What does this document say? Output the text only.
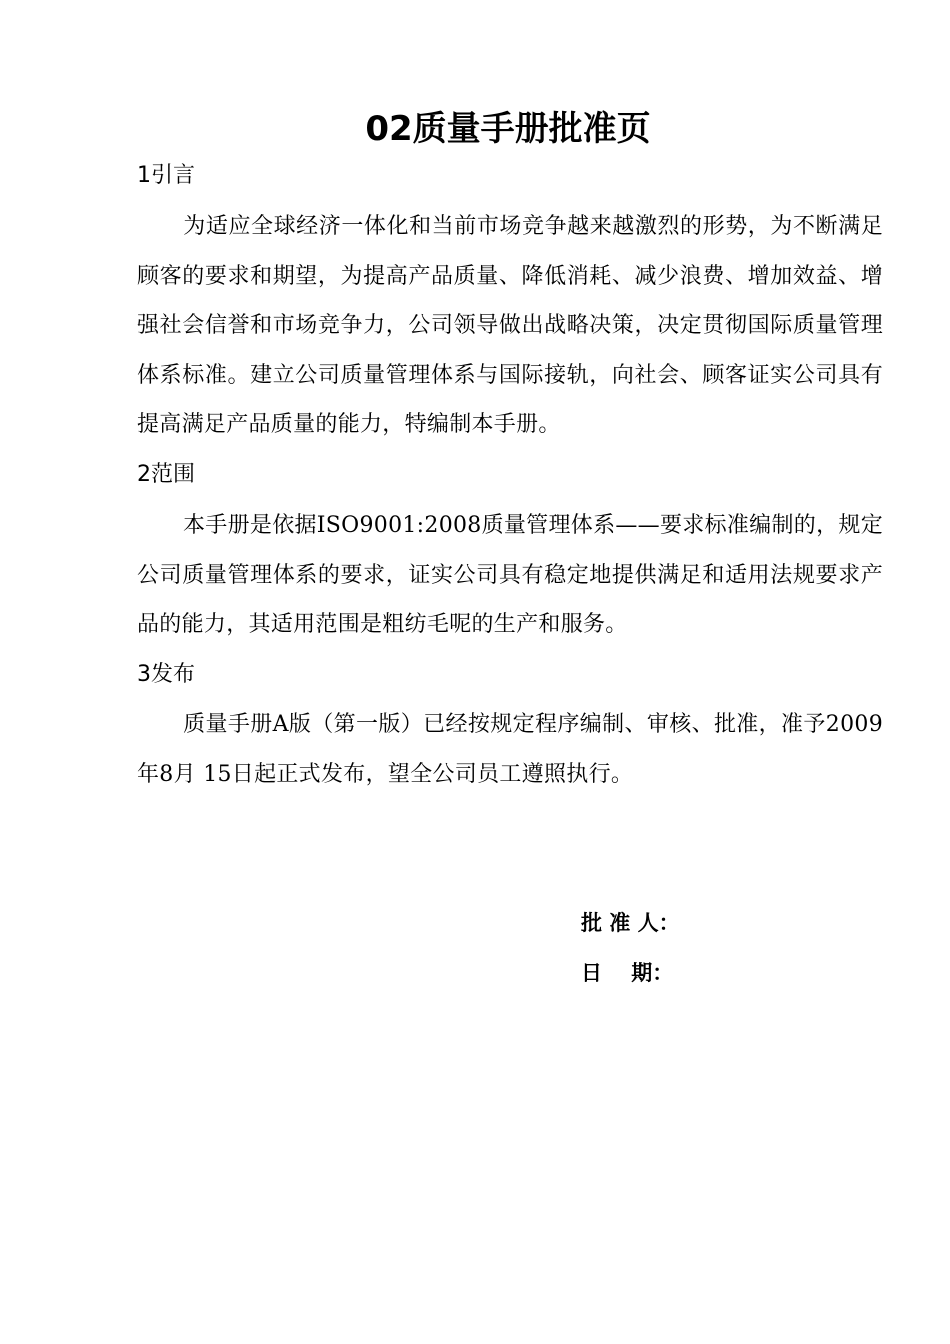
02质量手册批准页
1引言

为适应全球经济一体化和当前市场竞争越来越激烈的形势，为不断满足顾客的要求和期望，为提高产品质量、降低消耗、减少浪费、增加效益、增强社会信誉和市场竞争力，公司领导做出战略决策，决定贯彻国际质量管理体系标准。建立公司质量管理体系与国际接轨，向社会、顾客证实公司具有提高满足产品质量的能力，特编制本手册。

2范围

本手册是依据ISO9001:2008质量管理体系——要求标准编制的，规定公司质量管理体系的要求，证实公司具有稳定地提供满足和适用法规要求产品的能力，其适用范围是粗纺毛呢的生产和服务。

3发布

质量手册A版（第一版）已经按规定程序编制、审核、批准，准予2009年8月 15日起正式发布，望全公司员工遵照执行。

批 准 人：
日    期：
